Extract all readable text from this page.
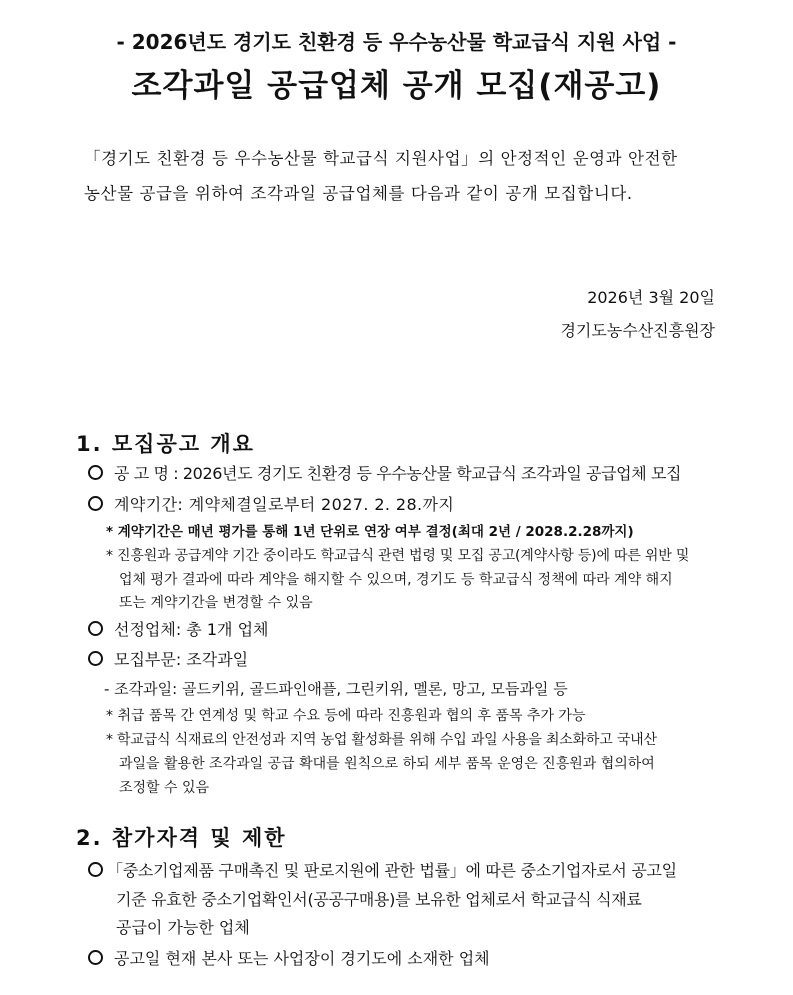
- 2026년도 경기도 친환경 등 우수농산물 학교급식 지원 사업 -
조각과일 공급업체 공개 모집(재공고)
「경기도 친환경 등 우수농산물 학교급식 지원사업」의 안정적인 운영과 안전한
농산물 공급을 위하여 조각과일 공급업체를 다음과 같이 공개 모집합니다.
2026년 3월 20일
경기도농수산진흥원장
1. 모집공고 개요
공 고 명 : 2026년도 경기도 친환경 등 우수농산물 학교급식 조각과일 공급업체 모집
계약기간: 계약체결일로부터 2027. 2. 28.까지
* 계약기간은 매년 평가를 통해 1년 단위로 연장 여부 결정(최대 2년 / 2028.2.28까지)
* 진흥원과 공급계약 기간 중이라도 학교급식 관련 법령 및 모집 공고(계약사항 등)에 따른 위반 및
업체 평가 결과에 따라 계약을 해지할 수 있으며, 경기도 등 학교급식 정책에 따라 계약 해지
또는 계약기간을 변경할 수 있음
선정업체: 총 1개 업체
모집부문: 조각과일
- 조각과일: 골드키위, 골드파인애플, 그린키위, 멜론, 망고, 모듬과일 등
* 취급 품목 간 연계성 및 학교 수요 등에 따라 진흥원과 협의 후 품목 추가 가능
* 학교급식 식재료의 안전성과 지역 농업 활성화를 위해 수입 과일 사용을 최소화하고 국내산
과일을 활용한 조각과일 공급 확대를 원칙으로 하되 세부 품목 운영은 진흥원과 협의하여
조정할 수 있음
2. 참가자격 및 제한
「중소기업제품 구매촉진 및 판로지원에 관한 법률」에 따른 중소기업자로서 공고일
기준 유효한 중소기업확인서(공공구매용)를 보유한 업체로서 학교급식 식재료
공급이 가능한 업체
공고일 현재 본사 또는 사업장이 경기도에 소재한 업체
